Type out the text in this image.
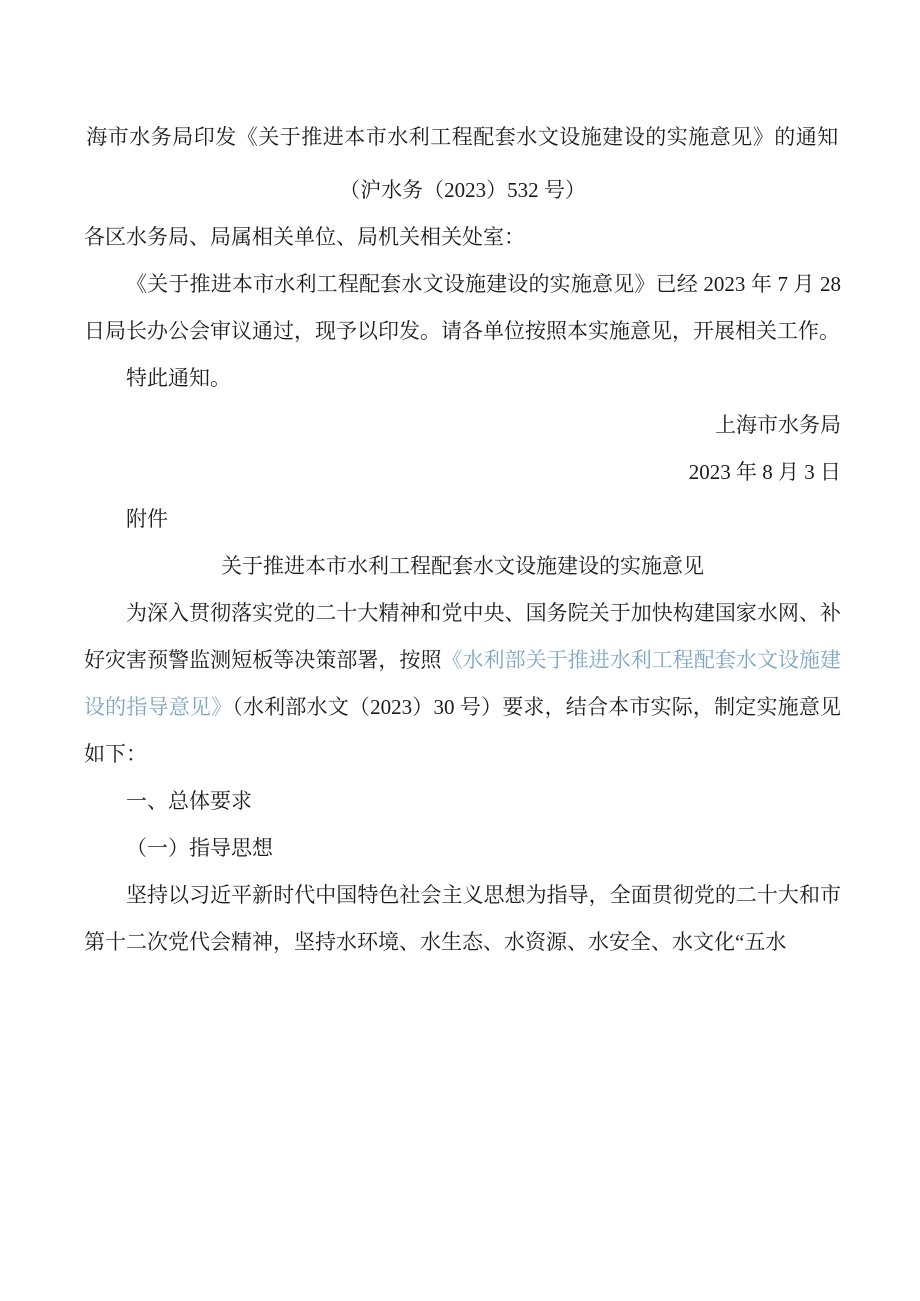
海市水务局印发《关于推进本市水利工程配套水文设施建设的实施意见》的通知
（沪水务（2023）532 号）

各区水务局、局属相关单位、局机关相关处室：

《关于推进本市水利工程配套水文设施建设的实施意见》已经 2023 年 7 月 28 日局长办公会审议通过，现予以印发。请各单位按照本实施意见，开展相关工作。

特此通知。

上海市水务局

2023 年 8 月 3 日

附件

关于推进本市水利工程配套水文设施建设的实施意见

为深入贯彻落实党的二十大精神和党中央、国务院关于加快构建国家水网、补好灾害预警监测短板等决策部署，按照《水利部关于推进水利工程配套水文设施建设的指导意见》（水利部水文（2023）30 号）要求，结合本市实际，制定实施意见如下：

一、总体要求

（一）指导思想

坚持以习近平新时代中国特色社会主义思想为指导，全面贯彻党的二十大和市第十二次党代会精神，坚持水环境、水生态、水资源、水安全、水文化“五水
